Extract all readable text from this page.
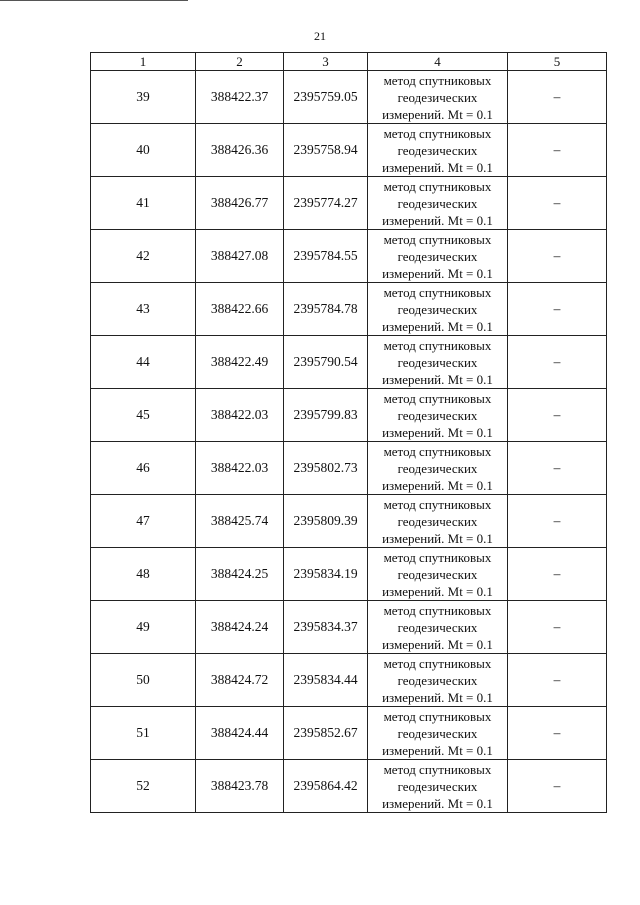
21
1	2	3	4	5
39	388422.37	2395759.05	метод спутниковых
геодезических
измерений. Mt = 0.1	–
40	388426.36	2395758.94	метод спутниковых
геодезических
измерений. Mt = 0.1	–
41	388426.77	2395774.27	метод спутниковых
геодезических
измерений. Mt = 0.1	–
42	388427.08	2395784.55	метод спутниковых
геодезических
измерений. Mt = 0.1	–
43	388422.66	2395784.78	метод спутниковых
геодезических
измерений. Mt = 0.1	–
44	388422.49	2395790.54	метод спутниковых
геодезических
измерений. Mt = 0.1	–
45	388422.03	2395799.83	метод спутниковых
геодезических
измерений. Mt = 0.1	–
46	388422.03	2395802.73	метод спутниковых
геодезических
измерений. Mt = 0.1	–
47	388425.74	2395809.39	метод спутниковых
геодезических
измерений. Mt = 0.1	–
48	388424.25	2395834.19	метод спутниковых
геодезических
измерений. Mt = 0.1	–
49	388424.24	2395834.37	метод спутниковых
геодезических
измерений. Mt = 0.1	–
50	388424.72	2395834.44	метод спутниковых
геодезических
измерений. Mt = 0.1	–
51	388424.44	2395852.67	метод спутниковых
геодезических
измерений. Mt = 0.1	–
52	388423.78	2395864.42	метод спутниковых
геодезических
измерений. Mt = 0.1	–
